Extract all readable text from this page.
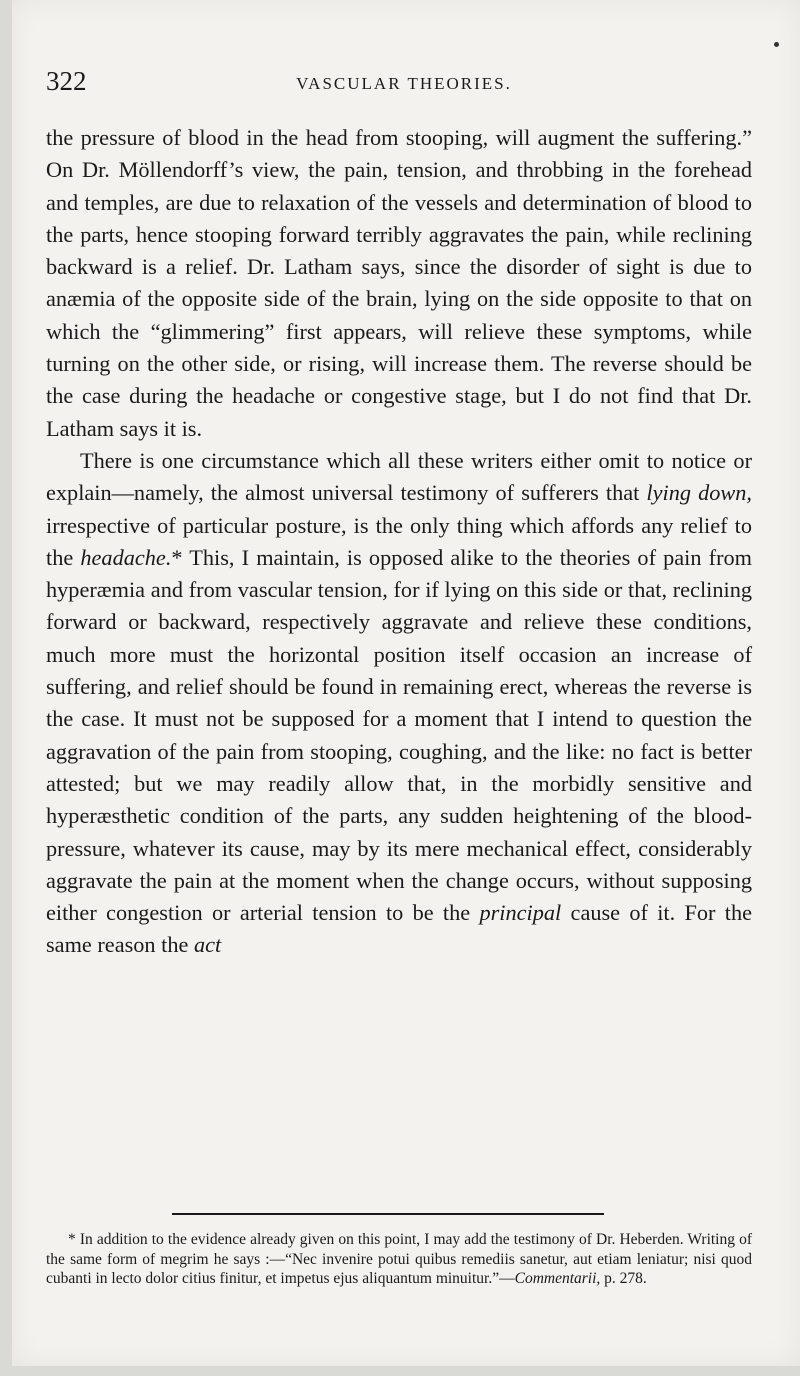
322	VASCULAR THEORIES.

the pressure of blood in the head from stooping, will augment the suffering.” On Dr. Möllendorff’s view, the pain, tension, and throbbing in the forehead and temples, are due to relaxation of the vessels and determination of blood to the parts, hence stooping forward terribly aggravates the pain, while reclining backward is a relief. Dr. Latham says, since the disorder of sight is due to anæmia of the opposite side of the brain, lying on the side opposite to that on which the “glimmering” first appears, will relieve these symptoms, while turning on the other side, or rising, will increase them. The reverse should be the case during the headache or congestive stage, but I do not find that Dr. Latham says it is.

There is one circumstance which all these writers either omit to notice or explain—namely, the almost universal testimony of sufferers that lying down, irrespective of particular posture, is the only thing which affords any relief to the headache.* This, I maintain, is opposed alike to the theories of pain from hyperæmia and from vascular tension, for if lying on this side or that, reclining forward or backward, respectively aggravate and relieve these conditions, much more must the horizontal position itself occasion an increase of suffering, and relief should be found in remaining erect, whereas the reverse is the case. It must not be supposed for a moment that I intend to question the aggravation of the pain from stooping, coughing, and the like: no fact is better attested; but we may readily allow that, in the morbidly sensitive and hyperæsthetic condition of the parts, any sudden heightening of the blood-pressure, whatever its cause, may by its mere mechanical effect, considerably aggravate the pain at the moment when the change occurs, without supposing either congestion or arterial tension to be the principal cause of it. For the same reason the act

* In addition to the evidence already given on this point, I may add the testimony of Dr. Heberden. Writing of the same form of megrim he says :—“Nec invenire potui quibus remediis sanetur, aut etiam leniatur; nisi quod cubanti in lecto dolor citius finitur, et impetus ejus aliquantum minuitur.”—Commentarii, p. 278.
